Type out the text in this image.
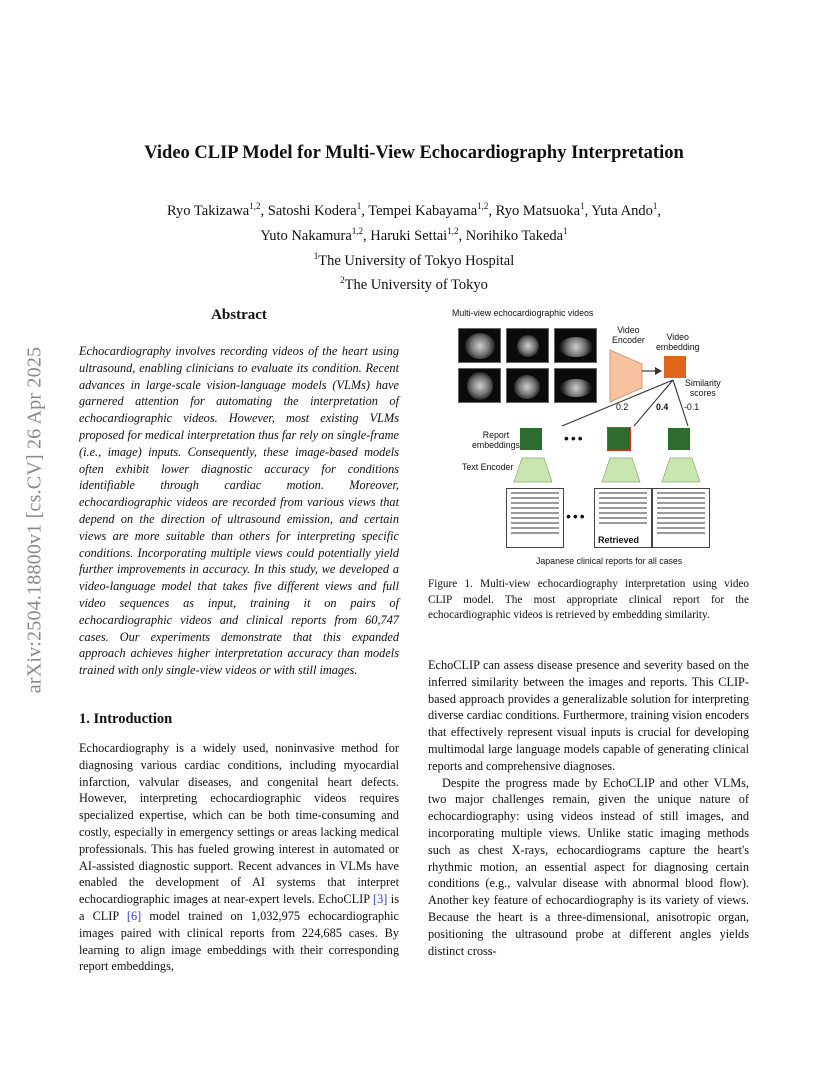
arXiv:2504.18800v1 [cs.CV] 26 Apr 2025
Video CLIP Model for Multi-View Echocardiography Interpretation
Ryo Takizawa$^{1,2}$, Satoshi Kodera$^1$, Tempei Kabayama$^{1,2}$, Ryo Matsuoka$^1$, Yuta Ando$^1$,
Yuto Nakamura$^{1,2}$, Haruki Settai$^{1,2}$, Norihiko Takeda$^1$
$^1$The University of Tokyo Hospital
$^2$The University of Tokyo
Abstract
Echocardiography involves recording videos of the heart using ultrasound, enabling clinicians to evaluate its condition. Recent advances in large-scale vision-language models (VLMs) have garnered attention for automating the interpretation of echocardiographic videos. However, most existing VLMs proposed for medical interpretation thus far rely on single-frame (i.e., image) inputs. Consequently, these image-based models often exhibit lower diagnostic accuracy for conditions identifiable through cardiac motion. Moreover, echocardiographic videos are recorded from various views that depend on the direction of ultrasound emission, and certain views are more suitable than others for interpreting specific conditions. Incorporating multiple views could potentially yield further improvements in accuracy. In this study, we developed a video-language model that takes five different views and full video sequences as input, training it on pairs of echocardiographic videos and clinical reports from 60,747 cases. Our experiments demonstrate that this expanded approach achieves higher interpretation accuracy than models trained with only single-view videos or with still images.
1. Introduction
Echocardiography is a widely used, noninvasive method for diagnosing various cardiac conditions, including myocardial infarction, valvular diseases, and congenital heart defects. However, interpreting echocardiographic videos requires specialized expertise, which can be both time-consuming and costly, especially in emergency settings or areas lacking medical professionals. This has fueled growing interest in automated or AI-assisted diagnostic support. Recent advances in VLMs have enabled the development of AI systems that interpret echocardiographic images at near-expert levels. EchoCLIP [3] is a CLIP [6] model trained on 1,032,975 echocardiographic images paired with clinical reports from 224,685 cases. By learning to align image embeddings with their corresponding report embeddings,
Multi-view echocardiographic videos
Video
Encoder	Video
embedding
Similarity
scores
0.2	0.4 -0.1
Report
embeddings	•••
Text Encoder
•••
Retrieved
Japanese clinical reports for all cases
Figure 1. Multi-view echocardiography interpretation using video CLIP model. The most appropriate clinical report for the echocardiographic videos is retrieved by embedding similarity.
EchoCLIP can assess disease presence and severity based on the inferred similarity between the images and reports. This CLIP-based approach provides a generalizable solution for interpreting diverse cardiac conditions. Furthermore, training vision encoders that effectively represent visual inputs is crucial for developing multimodal large language models capable of generating clinical reports and comprehensive diagnoses.
Despite the progress made by EchoCLIP and other VLMs, two major challenges remain, given the unique nature of echocardiography: using videos instead of still images, and incorporating multiple views. Unlike static imaging methods such as chest X-rays, echocardiograms capture the heart's rhythmic motion, an essential aspect for diagnosing certain conditions (e.g., valvular disease with abnormal blood flow). Another key feature of echocardiography is its variety of views. Because the heart is a three-dimensional, anisotropic organ, positioning the ultrasound probe at different angles yields distinct cross-
